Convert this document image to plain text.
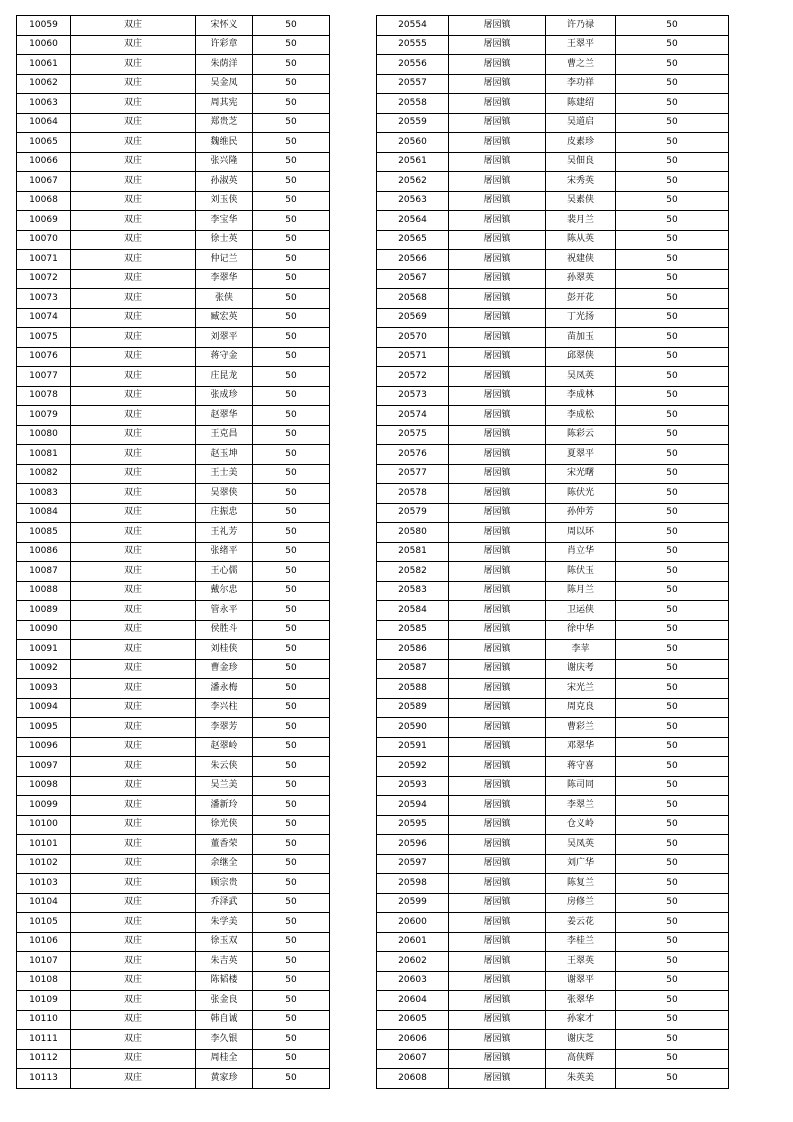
10059	双庄	宋怀义	50
10060	双庄	许彩章	50
10061	双庄	朱荫洋	50
10062	双庄	吴金凤	50
10063	双庄	周其宪	50
10064	双庄	郑贵芝	50
10065	双庄	魏维民	50
10066	双庄	张兴隆	50
10067	双庄	孙淑英	50
10068	双庄	刘玉侠	50
10069	双庄	李宝华	50
10070	双庄	徐士英	50
10071	双庄	仲记兰	50
10072	双庄	李翠华	50
10073	双庄	张侠	50
10074	双庄	臧宏英	50
10075	双庄	刘翠平	50
10076	双庄	蒋守金	50
10077	双庄	庄昆龙	50
10078	双庄	张成珍	50
10079	双庄	赵翠华	50
10080	双庄	王克昌	50
10081	双庄	赵玉坤	50
10082	双庄	王士美	50
10083	双庄	吴翠侠	50
10084	双庄	庄振忠	50
10085	双庄	王礼芳	50
10086	双庄	张绪平	50
10087	双庄	王心儒	50
10088	双庄	戴尔忠	50
10089	双庄	管永平	50
10090	双庄	侯胜斗	50
10091	双庄	刘桂侠	50
10092	双庄	曹金珍	50
10093	双庄	潘永梅	50
10094	双庄	李兴柱	50
10095	双庄	李翠芳	50
10096	双庄	赵翠岭	50
10097	双庄	朱云侠	50
10098	双庄	吴兰美	50
10099	双庄	潘新玲	50
10100	双庄	徐光侠	50
10101	双庄	董香荣	50
10102	双庄	余继全	50
10103	双庄	顾宗贵	50
10104	双庄	乔泽武	50
10105	双庄	朱学美	50
10106	双庄	徐玉双	50
10107	双庄	朱吉英	50
10108	双庄	陈韬楼	50
10109	双庄	张金良	50
10110	双庄	韩自诚	50
10111	双庄	李久银	50
10112	双庄	周桂全	50
10113	双庄	黄家珍	50
20554	屠园镇	许乃禄	50
20555	屠园镇	王翠平	50
20556	屠园镇	曹之兰	50
20557	屠园镇	李功祥	50
20558	屠园镇	陈建绍	50
20559	屠园镇	吴道启	50
20560	屠园镇	皮素珍	50
20561	屠园镇	吴佃良	50
20562	屠园镇	宋秀英	50
20563	屠园镇	吴素侠	50
20564	屠园镇	裴月兰	50
20565	屠园镇	陈从英	50
20566	屠园镇	祝建侠	50
20567	屠园镇	孙翠英	50
20568	屠园镇	彭开花	50
20569	屠园镇	丁光扬	50
20570	屠园镇	苗加玉	50
20571	屠园镇	邱翠侠	50
20572	屠园镇	吴凤英	50
20573	屠园镇	李成林	50
20574	屠园镇	李成松	50
20575	屠园镇	陈彩云	50
20576	屠园镇	夏翠平	50
20577	屠园镇	宋光曙	50
20578	屠园镇	陈伏光	50
20579	屠园镇	孙仲芳	50
20580	屠园镇	周以环	50
20581	屠园镇	肖立华	50
20582	屠园镇	陈伏玉	50
20583	屠园镇	陈月兰	50
20584	屠园镇	卫运侠	50
20585	屠园镇	徐中华	50
20586	屠园镇	李苹	50
20587	屠园镇	谢庆考	50
20588	屠园镇	宋光兰	50
20589	屠园镇	周克良	50
20590	屠园镇	曹彩兰	50
20591	屠园镇	邓翠华	50
20592	屠园镇	蒋守喜	50
20593	屠园镇	陈司同	50
20594	屠园镇	李翠兰	50
20595	屠园镇	仓义岭	50
20596	屠园镇	吴凤英	50
20597	屠园镇	刘广华	50
20598	屠园镇	陈复兰	50
20599	屠园镇	房修兰	50
20600	屠园镇	姜云花	50
20601	屠园镇	李桂兰	50
20602	屠园镇	王翠英	50
20603	屠园镇	谢翠平	50
20604	屠园镇	张翠华	50
20605	屠园镇	孙家才	50
20606	屠园镇	谢庆芝	50
20607	屠园镇	高侠辉	50
20608	屠园镇	朱英美	50
